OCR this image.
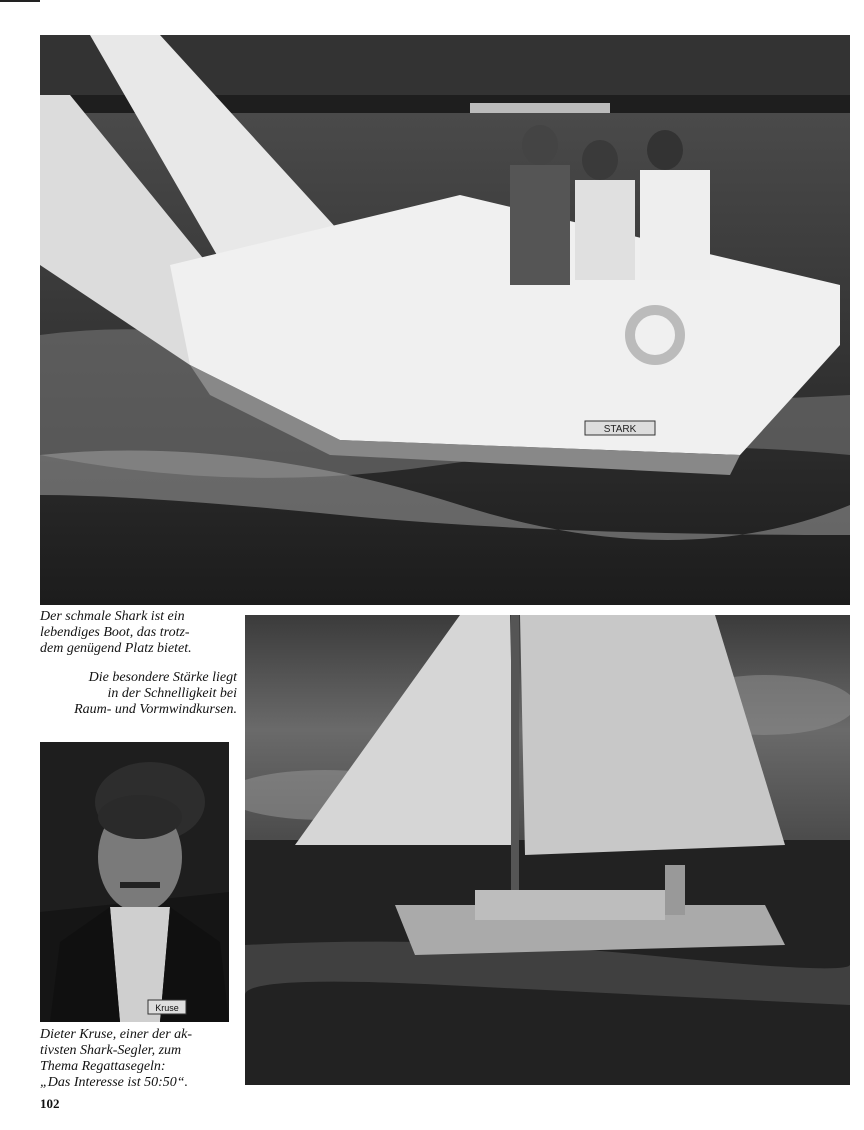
STARK
Kruse
Der schmale Shark ist ein
lebendiges Boot, das trotz-
dem genügend Platz bietet.
Die besondere Stärke liegt
in der Schnelligkeit bei
Raum- und Vormwindkursen.
Dieter Kruse, einer der ak-
tivsten Shark-Segler, zum
Thema Regattasegeln:
„Das Interesse ist 50:50“.
102
